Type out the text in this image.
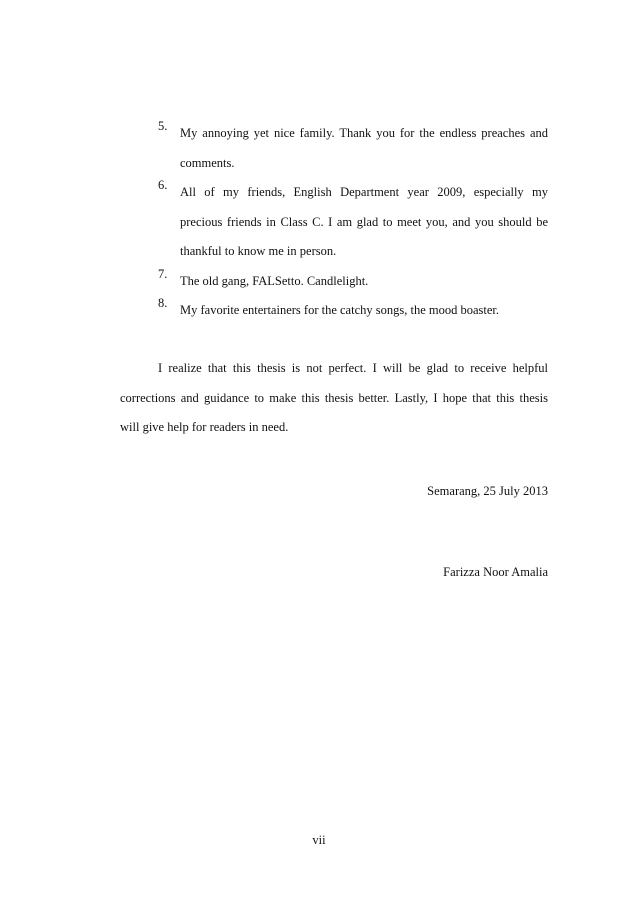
5.	My annoying yet nice family. Thank you for the endless preaches and
comments.
6.	All of my friends, English Department year 2009, especially my
precious friends in Class C. I am glad to meet you, and you should be
thankful to know me in person.
7.	The old gang, FALSetto. Candlelight.
8.	My favorite entertainers for the catchy songs, the mood boaster.
I realize that this thesis is not perfect. I will be glad to receive helpful
corrections and guidance to make this thesis better. Lastly, I hope that this thesis
will give help for readers in need.
Semarang, 25 July 2013
Farizza Noor Amalia
vii
